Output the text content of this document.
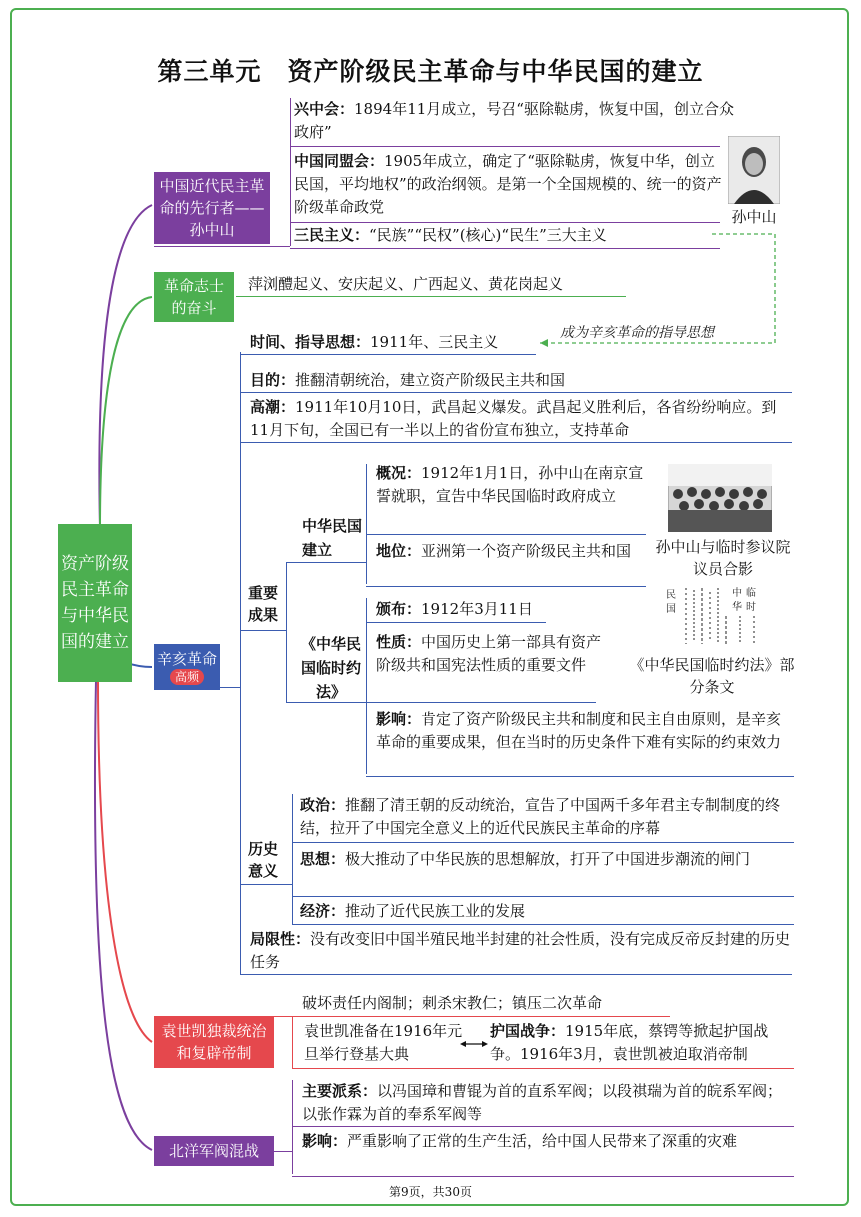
第三单元　资产阶级民主革命与中华民国的建立
资产阶级民主革命与中华民国的建立
中国近代民主革命的先行者——孙中山
兴中会：1894年11月成立，号召“驱除鞑虏，恢复中国，创立合众政府”
中国同盟会：1905年成立，确定了“驱除鞑虏，恢复中华，创立民国，平均地权”的政治纲领。是第一个全国规模的、统一的资产阶级革命政党
三民主义：“民族”“民权”(核心)“民生”三大主义
孙中山
革命志士的奋斗
萍浏醴起义、安庆起义、广西起义、黄花岗起义
成为辛亥革命的指导思想
辛亥革命
高频
时间、指导思想：1911年、三民主义
目的：推翻清朝统治，建立资产阶级民主共和国
高潮：1911年10月10日，武昌起义爆发。武昌起义胜利后，各省纷纷响应。到11月下旬，全国已有一半以上的省份宣布独立，支持革命
重要成果
中华民国建立
概况：1912年1月1日，孙中山在南京宣誓就职，宣告中华民国临时政府成立
地位：亚洲第一个资产阶级民主共和国	孙中山与临时参议院议员合影
《中华民国临时约法》
颁布：1912年3月11日
性质：中国历史上第一部具有资产阶级共和国宪法性质的重要文件
影响：肯定了资产阶级民主共和制度和民主自由原则，是辛亥革命的重要成果，但在当时的历史条件下难有实际的约束效力
民
国
中
华
临
时
《中华民国临时约法》部分条文
历史意义
政治：推翻了清王朝的反动统治，宣告了中国两千多年君主专制制度的终结，拉开了中国完全意义上的近代民族民主革命的序幕
思想：极大推动了中华民族的思想解放，打开了中国进步潮流的闸门
经济：推动了近代民族工业的发展
局限性：没有改变旧中国半殖民地半封建的社会性质，没有完成反帝反封建的历史任务
袁世凯独裁统治和复辟帝制
破坏责任内阁制；刺杀宋教仁；镇压二次革命
袁世凯准备在1916年元旦举行登基大典
护国战争：1915年底，蔡锷等掀起护国战争。1916年3月，袁世凯被迫取消帝制
北洋军阀混战
主要派系：以冯国璋和曹锟为首的直系军阀；以段祺瑞为首的皖系军阀；以张作霖为首的奉系军阀等
影响：严重影响了正常的生产生活，给中国人民带来了深重的灾难
第9页，共30页
